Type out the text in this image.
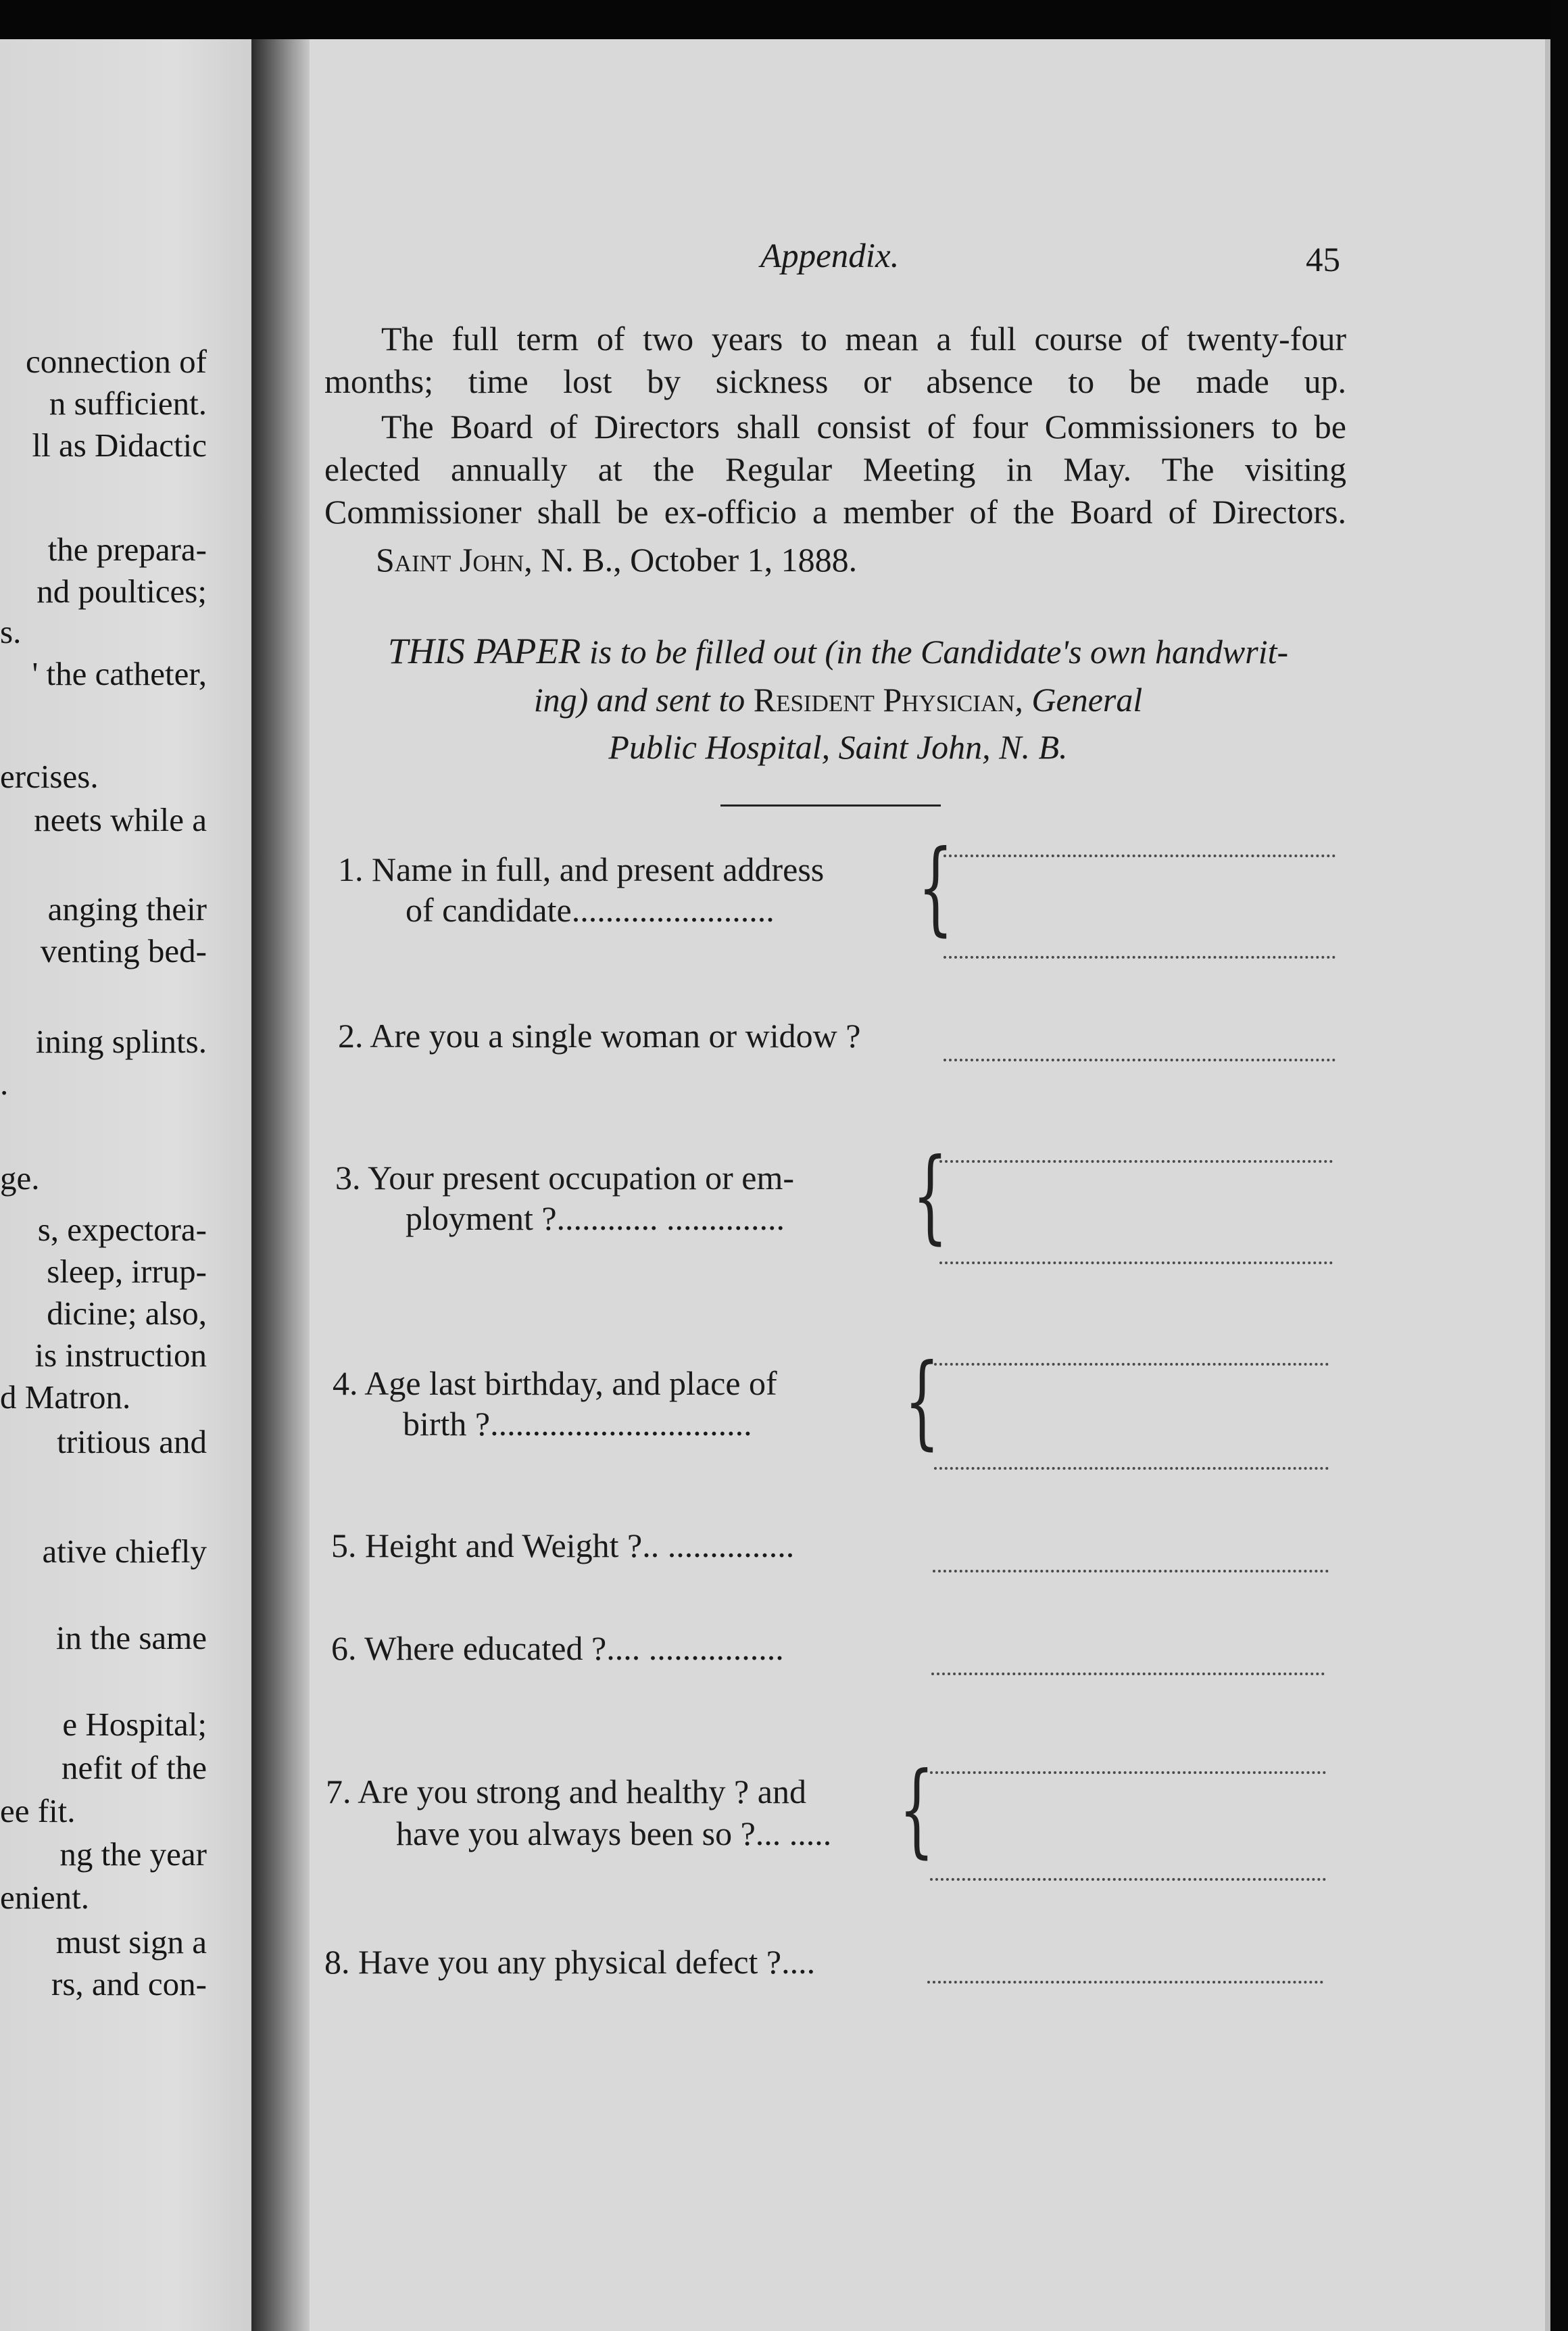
connection of
n sufficient.
ll as Didactic
the prepara-
nd poultices;
s.
' the catheter,
ercises.
neets while a
anging their
venting bed-
ining splints.
.
ge.
s, expectora-
sleep, irrup-
dicine; also,
is instruction
d Matron.
tritious and
ative chiefly
in the same
e Hospital;
nefit of the
ee fit.
ng the year
enient.
must sign a
rs, and con-
Appendix.	45
The full term of two years to mean a full course of twenty-four months; time lost by sickness or absence to be made up.
The Board of Directors shall consist of four Commissioners to be elected annually at the Regular Meeting in May. The visiting Commissioner shall be ex-officio a member of the Board of Directors.
Saint John, N. B., October 1, 1888.
THIS PAPER is to be filled out (in the Candidate's own handwrit-
ing) and sent to Resident Physician, General
Public Hospital, Saint John, N. B.
1. Name in full, and present address
of candidate........................ {
2. Are you a single woman or widow ?
3. Your present occupation or em-
ployment ?............ .............. {
4. Age last birthday, and place of
birth ?............................... {
5. Height and Weight ?.. ...............
6. Where educated ?.... ................
7. Are you strong and healthy ? and
have you always been so ?... ..... {
8. Have you any physical defect ?....
